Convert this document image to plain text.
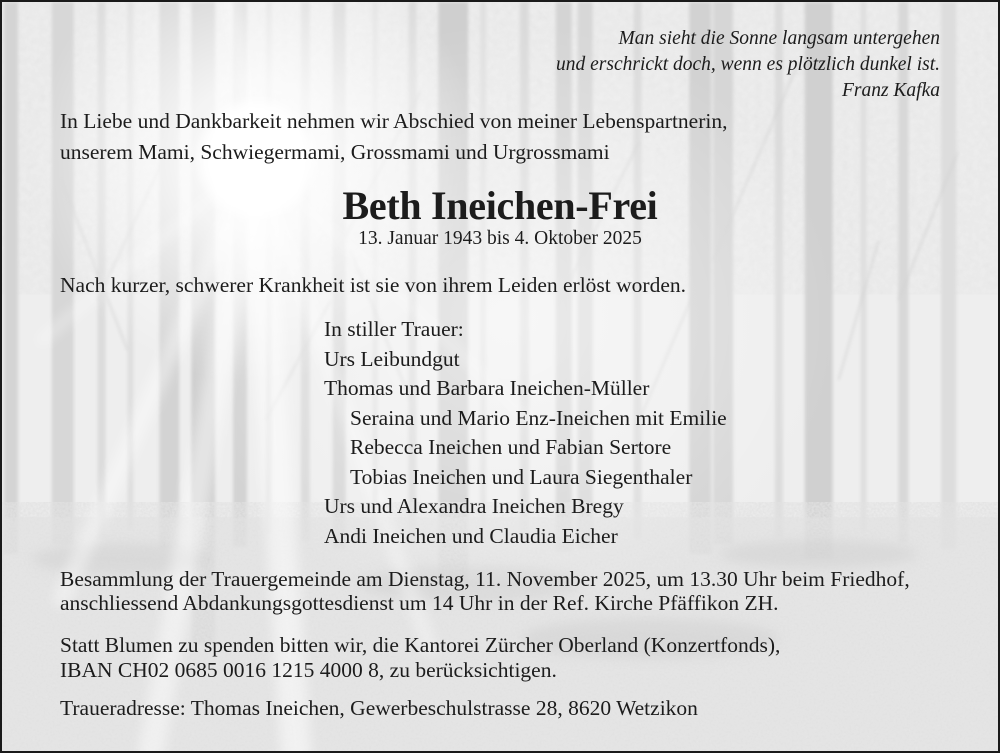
Man sieht die Sonne langsam untergehen
und erschrickt doch, wenn es plötzlich dunkel ist.
Franz Kafka
In Liebe und Dankbarkeit nehmen wir Abschied von meiner Lebenspartnerin,
unserem Mami, Schwiegermami, Grossmami und Urgrossmami
Beth Ineichen-Frei
13. Januar 1943 bis 4. Oktober 2025
Nach kurzer, schwerer Krankheit ist sie von ihrem Leiden erlöst worden.
In stiller Trauer:
Urs Leibundgut
Thomas und Barbara Ineichen-Müller
Seraina und Mario Enz-Ineichen mit Emilie
Rebecca Ineichen und Fabian Sertore
Tobias Ineichen und Laura Siegenthaler
Urs und Alexandra Ineichen Bregy
Andi Ineichen und Claudia Eicher
Besammlung der Trauergemeinde am Dienstag, 11. November 2025, um 13.30 Uhr beim Friedhof,
anschliessend Abdankungsgottesdienst um 14 Uhr in der Ref. Kirche Pfäffikon ZH.
Statt Blumen zu spenden bitten wir, die Kantorei Zürcher Oberland (Konzertfonds),
IBAN CH02 0685 0016 1215 4000 8, zu berücksichtigen.
Traueradresse: Thomas Ineichen, Gewerbeschulstrasse 28, 8620 Wetzikon
